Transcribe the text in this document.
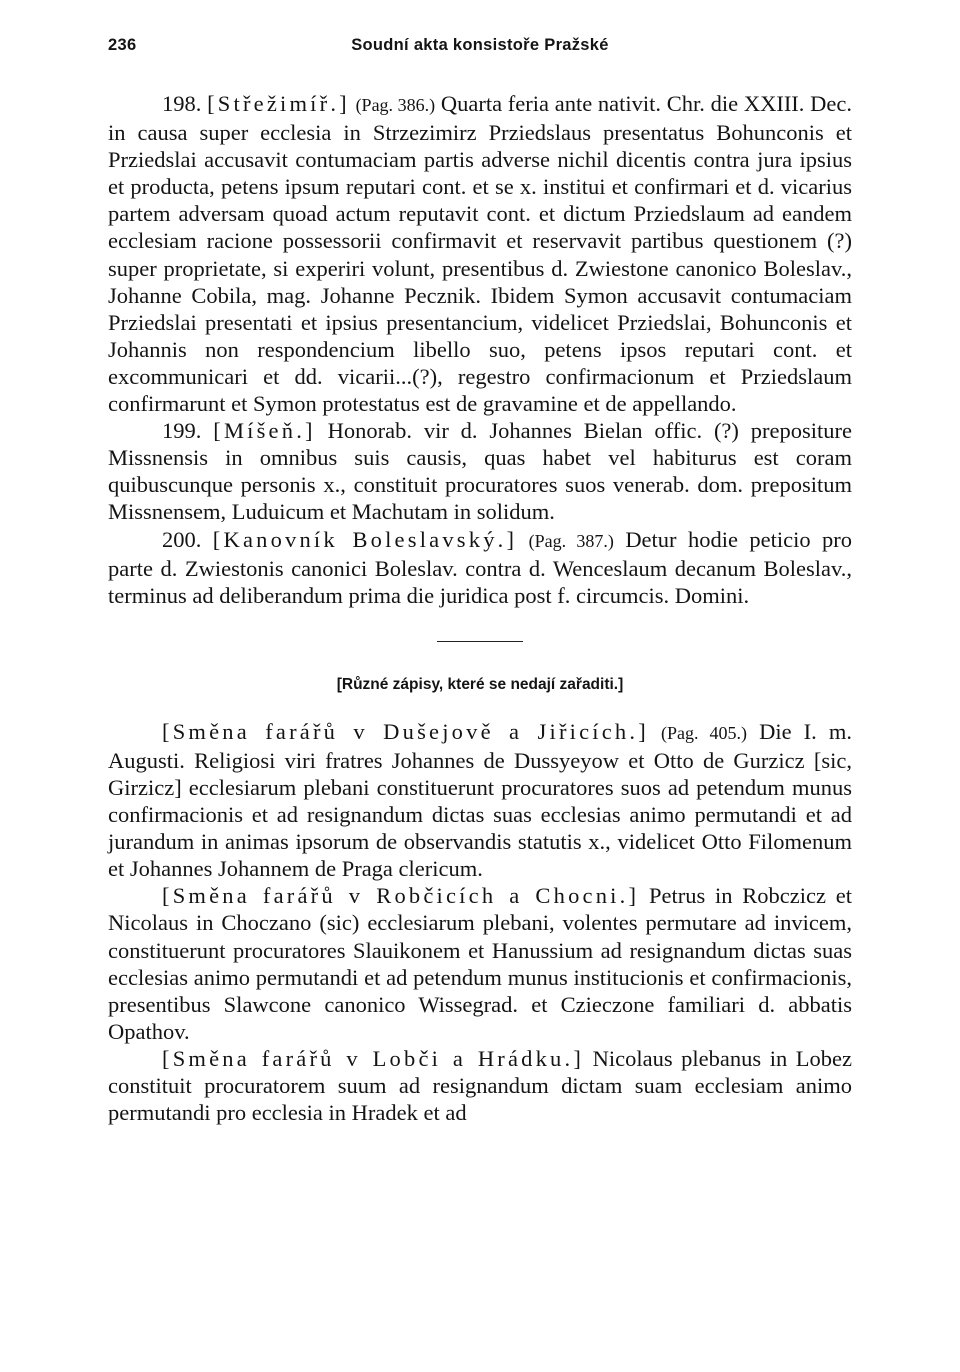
236	Soudní akta konsistoře Pražské

198. [Střežimíř.] (Pag. 386.) Quarta feria ante nativit. Chr. die XXIII. Dec. in causa super ecclesia in Strzezimirz Prziedslaus presentatus Bohunconis et Prziedslai accusavit contumaciam partis adverse nichil dicentis contra jura ipsius et producta, petens ipsum reputari cont. et se x. institui et confirmari et d. vicarius partem adversam quoad actum reputavit cont. et dictum Prziedslaum ad eandem ecclesiam racione possessorii confirmavit et reservavit partibus questionem (?) super proprietate, si experiri volunt, presentibus d. Zwiestone canonico Boleslav., Johanne Cobila, mag. Johanne Pecznik. Ibidem Symon accusavit contumaciam Prziedslai presentati et ipsius presentancium, videlicet Prziedslai, Bohunconis et Johannis non respondencium libello suo, petens ipsos reputari cont. et excommunicari et dd. vicarii...(?), regestro confirmacionum et Prziedslaum confirmarunt et Symon protestatus est de gravamine et de appellando.

199. [Míšeň.] Honorab. vir d. Johannes Bielan offic. (?) prepositure Missnensis in omnibus suis causis, quas habet vel habiturus est coram quibuscunque personis x., constituit procuratores suos venerab. dom. prepositum Missnensem, Luduicum et Machutam in solidum.

200. [Kanovník Boleslavský.] (Pag. 387.) Detur hodie peticio pro parte d. Zwiestonis canonici Boleslav. contra d. Wenceslaum decanum Boleslav., terminus ad deliberandum prima die juridica post f. circumcis. Domini.

[Různé zápisy, které se nedají zařaditi.]

[Směna farářů v Dušejově a Jiřicích.] (Pag. 405.) Die I. m. Augusti. Religiosi viri fratres Johannes de Dussyeyow et Otto de Gurzicz [sic, Girzicz] ecclesiarum plebani constituerunt procuratores suos ad petendum munus confirmacionis et ad resignandum dictas suas ecclesias animo permutandi et ad jurandum in animas ipsorum de observandis statutis x., videlicet Otto Filomenum et Johannes Johannem de Praga clericum.

[Směna farářů v Robčicích a Chocni.] Petrus in Robczicz et Nicolaus in Choczano (sic) ecclesiarum plebani, volentes permutare ad invicem, constituerunt procuratores Slauikonem et Hanussium ad resignandum dictas suas ecclesias animo permutandi et ad petendum munus institucionis et confirmacionis, presentibus Slawcone canonico Wissegrad. et Czieczone familiari d. abbatis Opathov.

[Směna farářů v Lobči a Hrádku.] Nicolaus plebanus in Lobez constituit procuratorem suum ad resignandum dictam suam ecclesiam animo permutandi pro ecclesia in Hradek et ad
